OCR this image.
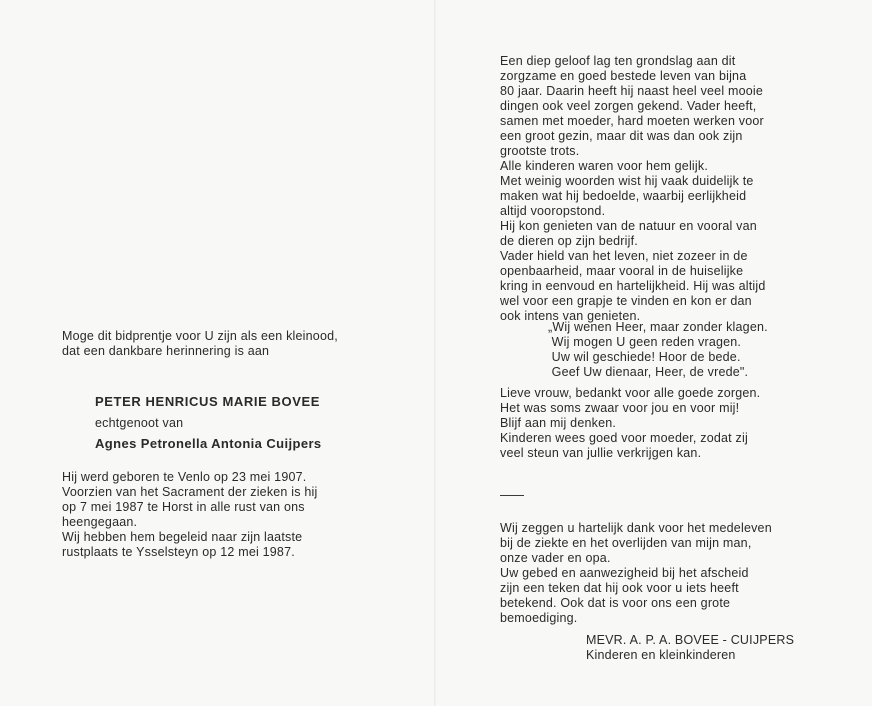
Moge dit bidprentje voor U zijn als een kleinood,
dat een dankbare herinnering is aan

PETER HENRICUS MARIE BOVEE

echtgenoot van

Agnes Petronella Antonia Cuijpers

Hij werd geboren te Venlo op 23 mei 1907.
Voorzien van het Sacrament der zieken is hij
op 7 mei 1987 te Horst in alle rust van ons
heengegaan.
Wij hebben hem begeleid naar zijn laatste
rustplaats te Ysselsteyn op 12 mei 1987.

Een diep geloof lag ten grondslag aan dit
zorgzame en goed bestede leven van bijna
80 jaar. Daarin heeft hij naast heel veel mooie
dingen ook veel zorgen gekend. Vader heeft,
samen met moeder, hard moeten werken voor
een groot gezin, maar dit was dan ook zijn
grootste trots.
Alle kinderen waren voor hem gelijk.
Met weinig woorden wist hij vaak duidelijk te
maken wat hij bedoelde, waarbij eerlijkheid
altijd vooropstond.
Hij kon genieten van de natuur en vooral van
de dieren op zijn bedrijf.
Vader hield van het leven, niet zozeer in de
openbaarheid, maar vooral in de huiselijke
kring in eenvoud en hartelijkheid. Hij was altijd
wel voor een grapje te vinden en kon er dan
ook intens van genieten.

„Wij wenen Heer, maar zonder klagen.
Wij mogen U geen reden vragen.
Uw wil geschiede! Hoor de bede.
Geef Uw dienaar, Heer, de vrede".

Lieve vrouw, bedankt voor alle goede zorgen.
Het was soms zwaar voor jou en voor mij!
Blijf aan mij denken.
Kinderen wees goed voor moeder, zodat zij
veel steun van jullie verkrijgen kan.

Wij zeggen u hartelijk dank voor het medeleven
bij de ziekte en het overlijden van mijn man,
onze vader en opa.
Uw gebed en aanwezigheid bij het afscheid
zijn een teken dat hij ook voor u iets heeft
betekend. Ook dat is voor ons een grote
bemoediging.

MEVR. A. P. A. BOVEE - CUIJPERS
Kinderen en kleinkinderen
